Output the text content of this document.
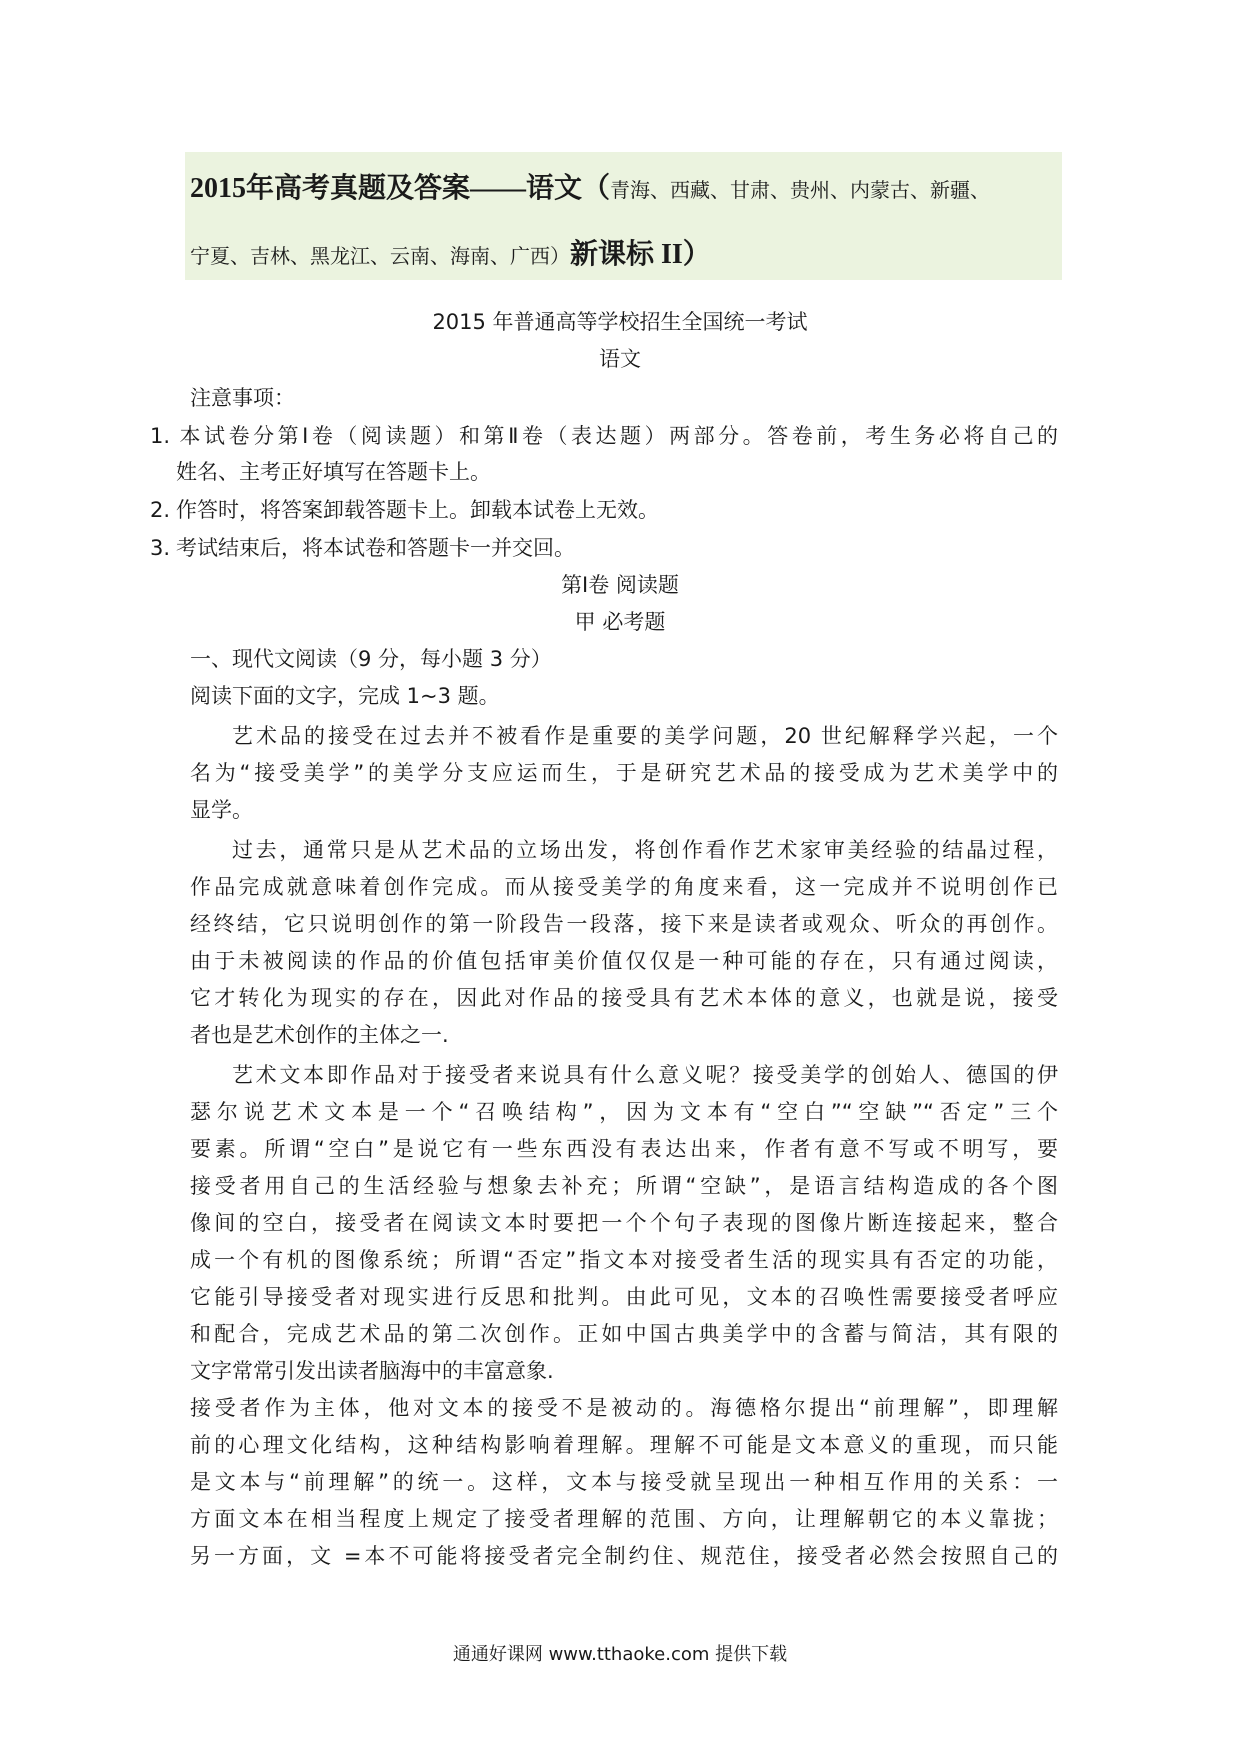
2015年高考真题及答案——语文（青海、西藏、甘肃、贵州、内蒙古、新疆、
宁夏、吉林、黑龙江、云南、海南、广西）新课标 II）
2015 年普通高等学校招生全国统一考试
语文
注意事项：
1. 本试卷分第Ⅰ卷（阅读题）和第Ⅱ卷（表达题）两部分。答卷前，考生务必将自己的
姓名、主考正好填写在答题卡上。
2. 作答时，将答案卸载答题卡上。卸载本试卷上无效。
3. 考试结束后，将本试卷和答题卡一并交回。
第Ⅰ卷 阅读题
甲 必考题
一、现代文阅读（9 分，每小题 3 分）
阅读下面的文字，完成 1~3 题。
艺术品的接受在过去并不被看作是重要的美学问题，20 世纪解释学兴起，一个
名为“接受美学”的美学分支应运而生，于是研究艺术品的接受成为艺术美学中的
显学。
过去，通常只是从艺术品的立场出发，将创作看作艺术家审美经验的结晶过程，
作品完成就意味着创作完成。而从接受美学的角度来看，这一完成并不说明创作已
经终结，它只说明创作的第一阶段告一段落，接下来是读者或观众、听众的再创作。
由于未被阅读的作品的价值包括审美价值仅仅是一种可能的存在，只有通过阅读，
它才转化为现实的存在，因此对作品的接受具有艺术本体的意义，也就是说，接受
者也是艺术创作的主体之一.
艺术文本即作品对于接受者来说具有什么意义呢？接受美学的创始人、德国的伊
瑟尔说艺术文本是一个“召唤结构”，因为文本有“空白”“空缺”“否定”三个
要素。所谓“空白”是说它有一些东西没有表达出来，作者有意不写或不明写，要
接受者用自己的生活经验与想象去补充；所谓“空缺”，是语言结构造成的各个图
像间的空白，接受者在阅读文本时要把一个个句子表现的图像片断连接起来，整合
成一个有机的图像系统；所谓“否定”指文本对接受者生活的现实具有否定的功能，
它能引导接受者对现实进行反思和批判。由此可见，文本的召唤性需要接受者呼应
和配合，完成艺术品的第二次创作。正如中国古典美学中的含蓄与简洁，其有限的
文字常常引发出读者脑海中的丰富意象.
接受者作为主体，他对文本的接受不是被动的。海德格尔提出“前理解”，即理解
前的心理文化结构，这种结构影响着理解。理解不可能是文本意义的重现，而只能
是文本与“前理解”的统一。这样，文本与接受就呈现出一种相互作用的关系：一
方面文本在相当程度上规定了接受者理解的范围、方向，让理解朝它的本义靠拢；
另一方面，文 =本不可能将接受者完全制约住、规范住，接受者必然会按照自己的
通通好课网 www.tthaoke.com 提供下载
